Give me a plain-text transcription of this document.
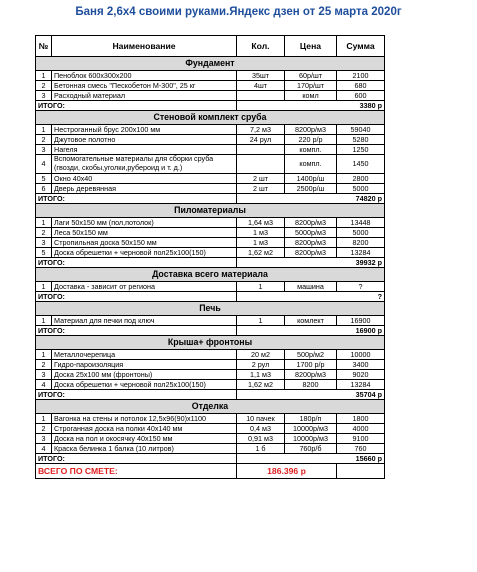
Баня 2,6x4 своими руками.Яндекс дзен от 25 марта 2020г
№	Наименование	Кол.	Цена	Сумма
Фундамент				
1	Пеноблок 600х300х200	35шт	60р/шт	2100
2	Бетонная смесь "Пескобетон М-300", 25 кг	4шт	170р/шт	680
3	Расходный материал		комл	600
ИТОГО:		3380 р		
Стеновой комплект сруба				
1	Нестроганный брус 200х100 мм	7,2 м3	8200р/м3	59040
2	Джутовое полотно	24 рул	220 р/р	5280
3	Нагеля		компл.	1250
4	Вспомогательные материалы для сборки сруба (гвозди, скобы,уголки,рубероид и т. д.)		компл.	1450
5	Окно 40х40	2 шт	1400р/ш	2800
6	Дверь деревянная	2 шт	2500р/ш	5000
ИТОГО:		74820 р		
Пиломатериалы				
1	Лаги 50х150 мм (пол,потолок)	1,64 м3	8200р/м3	13448
2	Леса 50х150 мм	1 м3	5000р/м3	5000
3	Стропильная доска 50х150 мм	1 м3	8200р/м3	8200
5	Доска обрешетки + черновой пол25х100(150)	1,62 м2	8200р/м3	13284
ИТОГО:		39932 р		
Доставка всего материала				
1	Доставка - зависит от региона	1	машина	?
ИТОГО:		?		
Печь				
1	Материал для печки под ключ	1	комлект	16900
ИТОГО:		16900 р		
Крыша+ фронтоны				
1	Металлочерепица	20 м2	500р/м2	10000
2	Гидро-пароизоляция	2 рул	1700 р/р	3400
3	Доска 25х100 мм (фронтоны)	1,1 м3	8200р/м3	9020
4	Доска обрешетки + черновой пол25х100(150)	1,62 м2	8200	13284
ИТОГО:		35704 р		
Отделка				
1	Вагонка на стены и потолок 12,5х96(90)х1100	10 пачек	180р/п	1800
2	Строганная доска на полки 40х140 мм	0,4 м3	10000р/м3	4000
3	Доска на пол и окосячку 40х150 мм	0,91 м3	10000р/м3	9100
4	Краска белинка 1 балка (10 литров)	1 б	760р/б	760
ИТОГО:		15660 р		
ВСЕГО ПО СМЕТЕ:		186.396 р		
